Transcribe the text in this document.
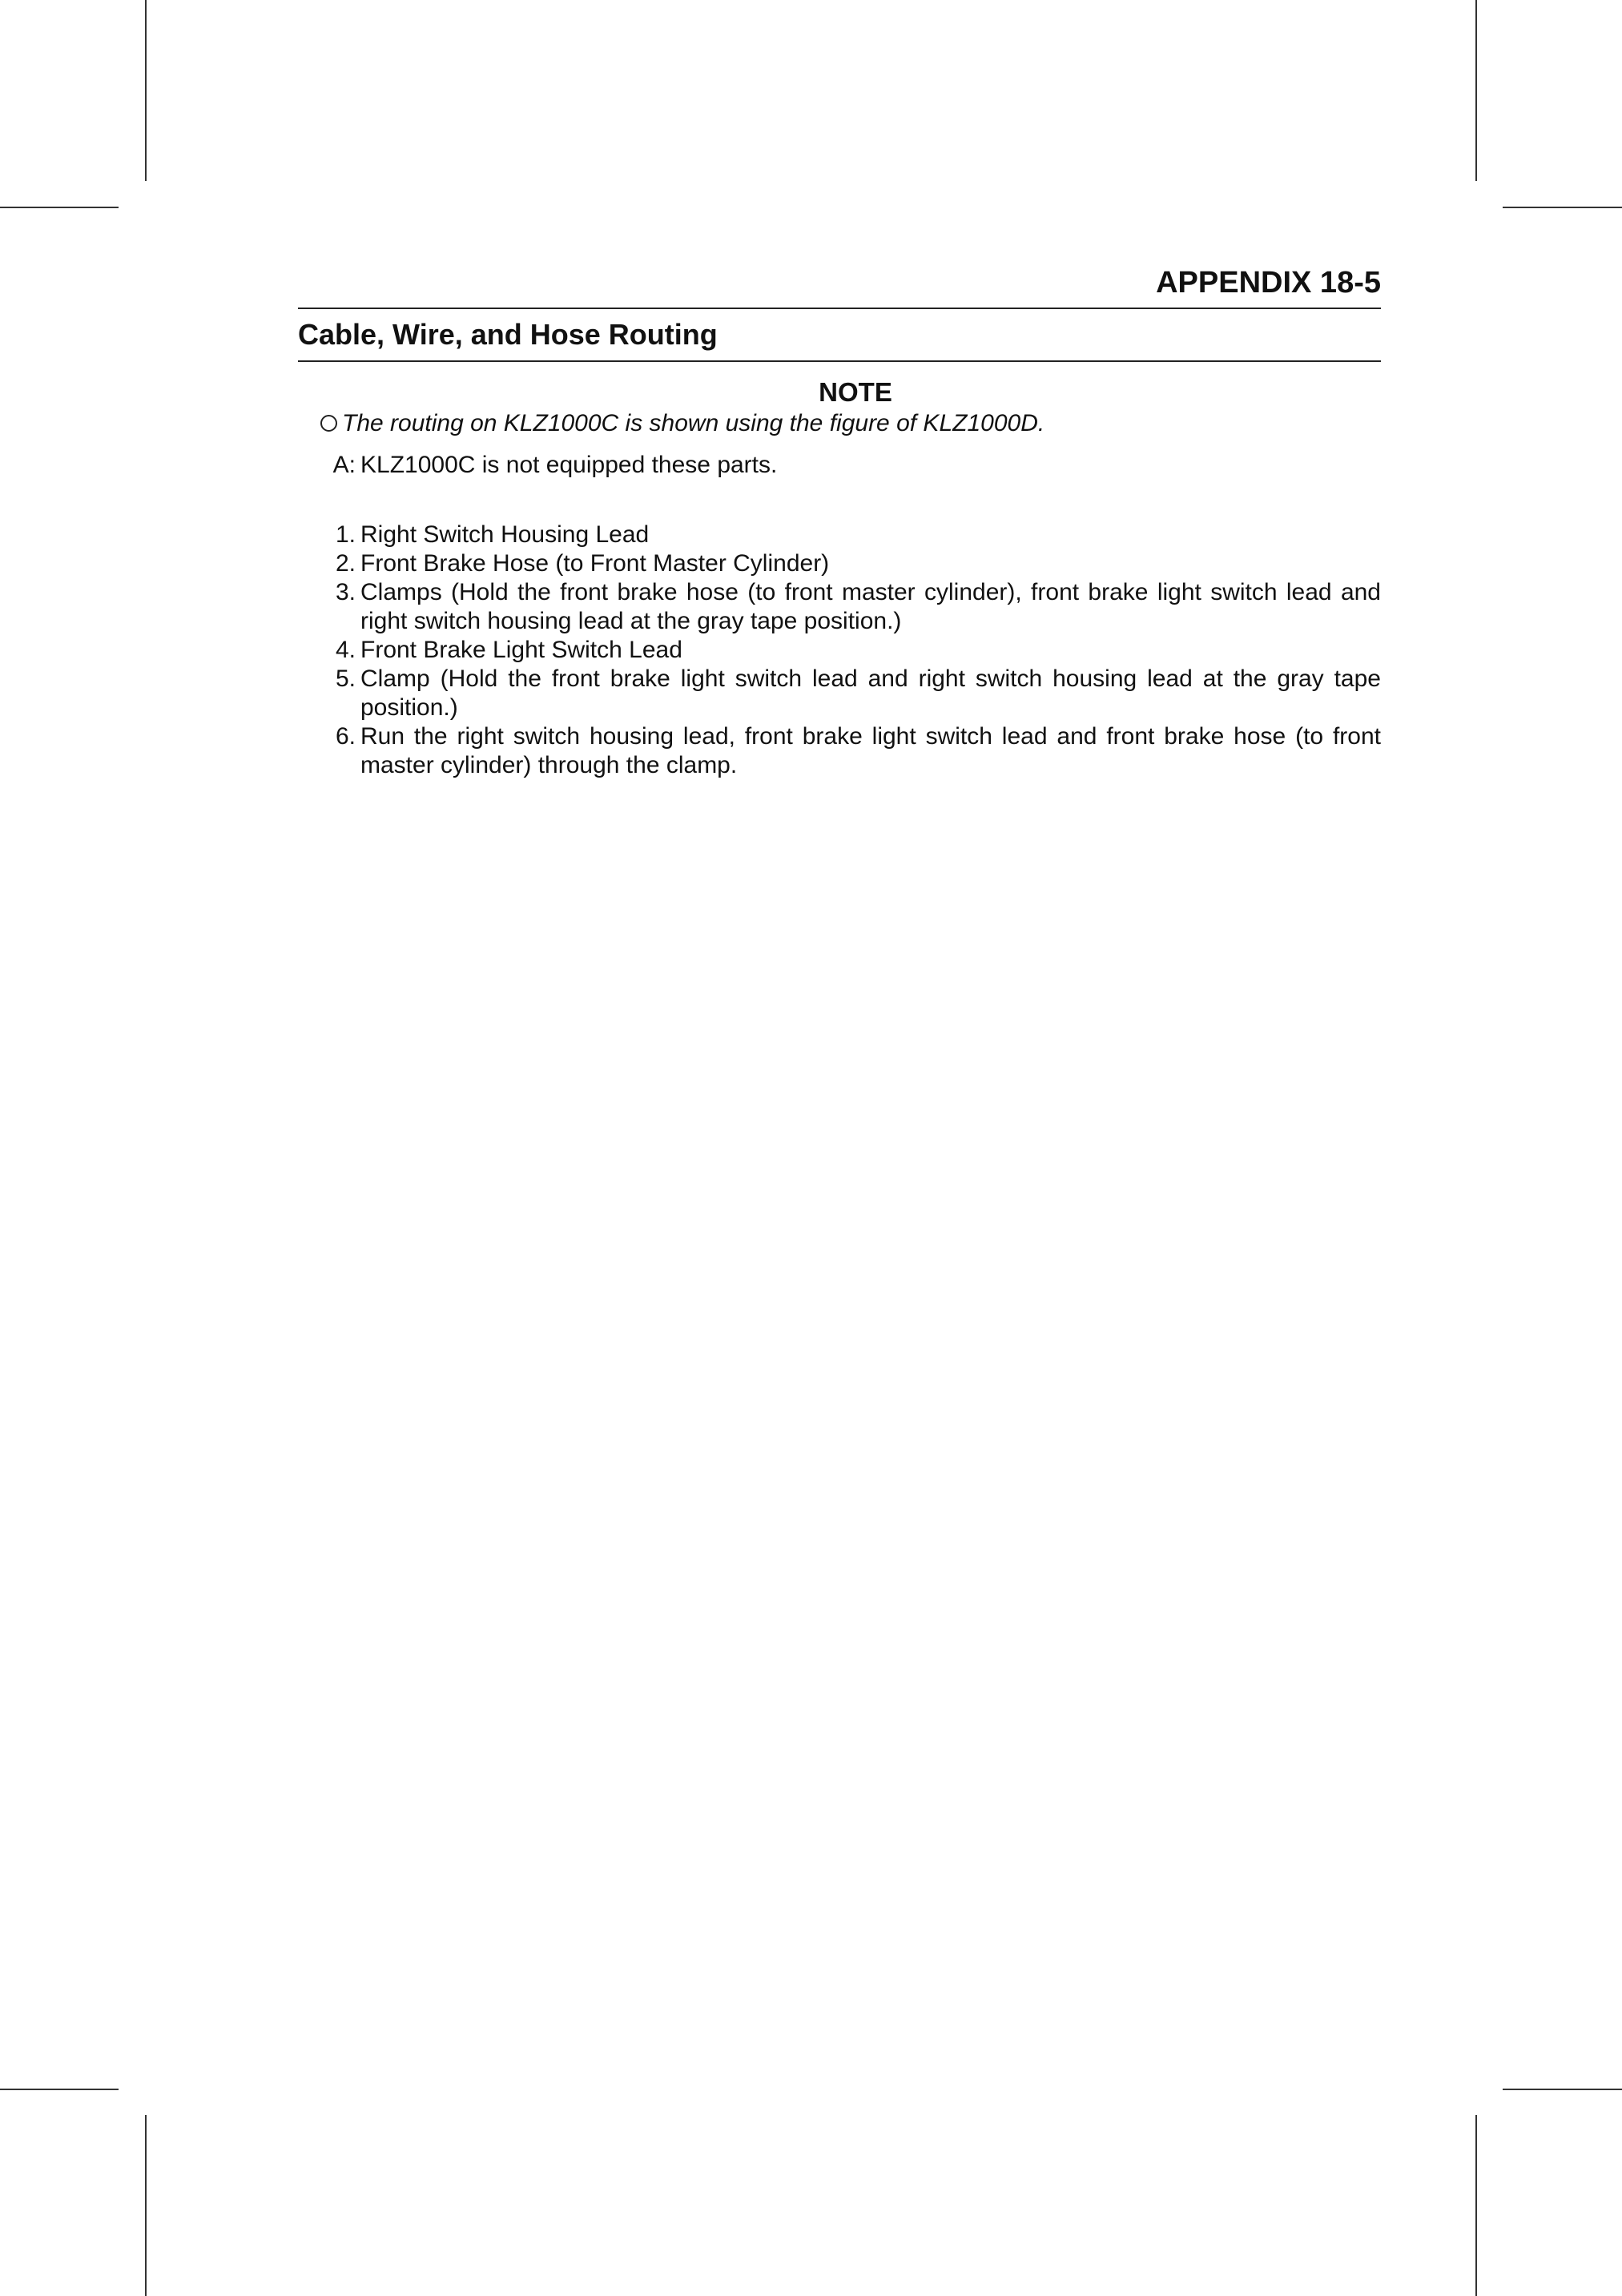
APPENDIX 18-5
Cable, Wire, and Hose Routing
NOTE
The routing on KLZ1000C is shown using the figure of KLZ1000D.
A: KLZ1000C is not equipped these parts.
1. Right Switch Housing Lead
2. Front Brake Hose (to Front Master Cylinder)
3. Clamps (Hold the front brake hose (to front master cylinder), front brake light switch lead and right switch housing lead at the gray tape position.)
4. Front Brake Light Switch Lead
5. Clamp (Hold the front brake light switch lead and right switch housing lead at the gray tape position.)
6. Run the right switch housing lead, front brake light switch lead and front brake hose (to front master cylinder) through the clamp.
